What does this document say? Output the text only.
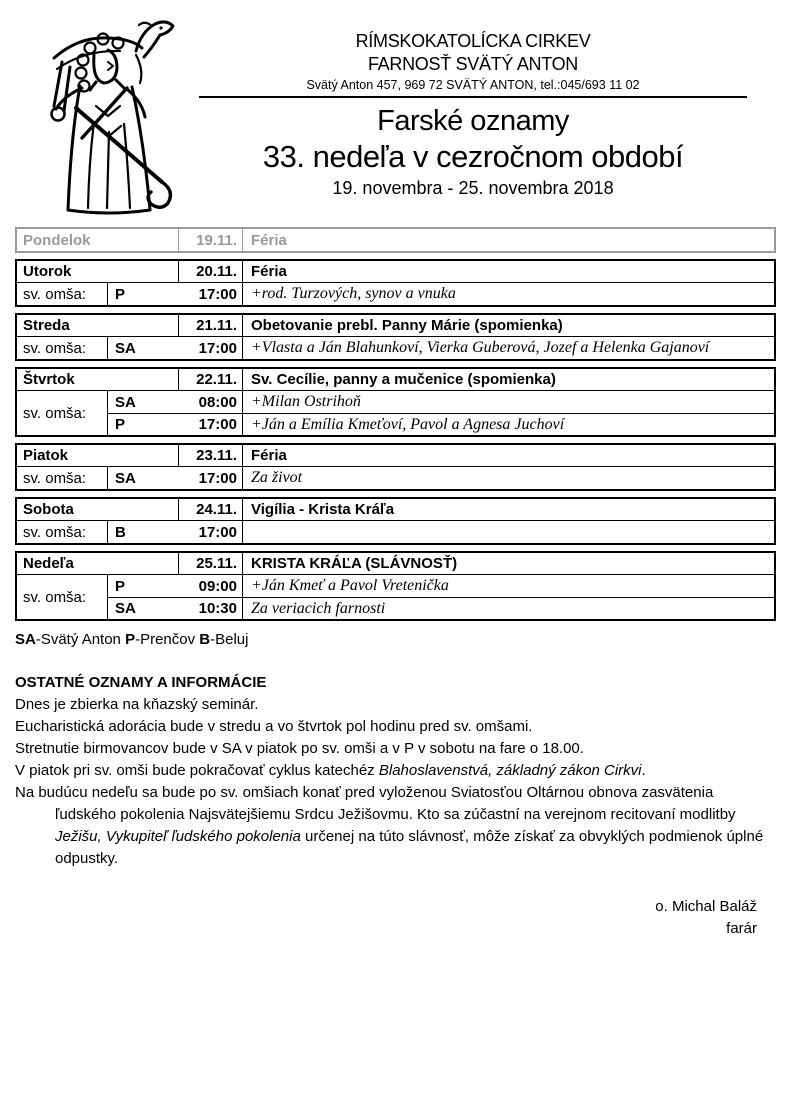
RÍMSKOKATOLÍCKA CIRKEV
FARNOSŤ SVÄTÝ ANTON
Svätý Anton 457, 969 72 SVÄTÝ ANTON, tel.:045/693 11 02
Farské oznamy
33. nedeľa v cezročnom období
19. novembra - 25. novembra 2018
Pondelok	19.11. Féria
Utorok	20.11. Féria
sv. omša:	P	17:00 +rod. Turzových, synov a vnuka
Streda	21.11. Obetovanie prebl. Panny Márie (spomienka)
sv. omša:	SA	17:00 +Vlasta a Ján Blahunkoví, Vierka Guberová, Jozef a Helenka Gajanoví
Štvrtok	22.11. Sv. Cecílie, panny a mučenice (spomienka)
sv. omša:
SA	08:00 +Milan Ostrihoň
P	17:00 +Ján a Emília Kmeťoví, Pavol a Agnesa Juchoví
Piatok	23.11. Féria
sv. omša:	SA	17:00 Za život
Sobota	24.11. Vigília - Krista Kráľa
sv. omša:	B	17:00
Nedeľa	25.11. KRISTA KRÁĽA (SLÁVNOSŤ)
sv. omša:
P	09:00 +Ján Kmeť a Pavol Vretenička
SA	10:30 Za veriacich farnosti
SA-Svätý Anton P-Prenčov B-Beluj
OSTATNÉ OZNAMY A INFORMÁCIE

Dnes je zbierka na kňazský seminár.

Eucharistická adorácia bude v stredu a vo štvrtok pol hodinu pred sv. omšami.

Stretnutie birmovancov bude v SA v piatok po sv. omši a v P v sobotu na fare o 18.00.

V piatok pri sv. omši bude pokračovať cyklus katechéz Blahoslavenstvá, základný zákon Cirkvi.

Na budúcu nedeľu sa bude po sv. omšiach konať pred vyloženou Sviatosťou Oltárnou obnova zasvätenia ľudského pokolenia Najsvätejšiemu Srdcu Ježišovmu. Kto sa zúčastní na verejnom recitovaní modlitby Ježišu, Vykupiteľ ľudského pokolenia určenej na túto slávnosť, môže získať za obvyklých podmienok úplné odpustky.

o. Michal Baláž
farár
